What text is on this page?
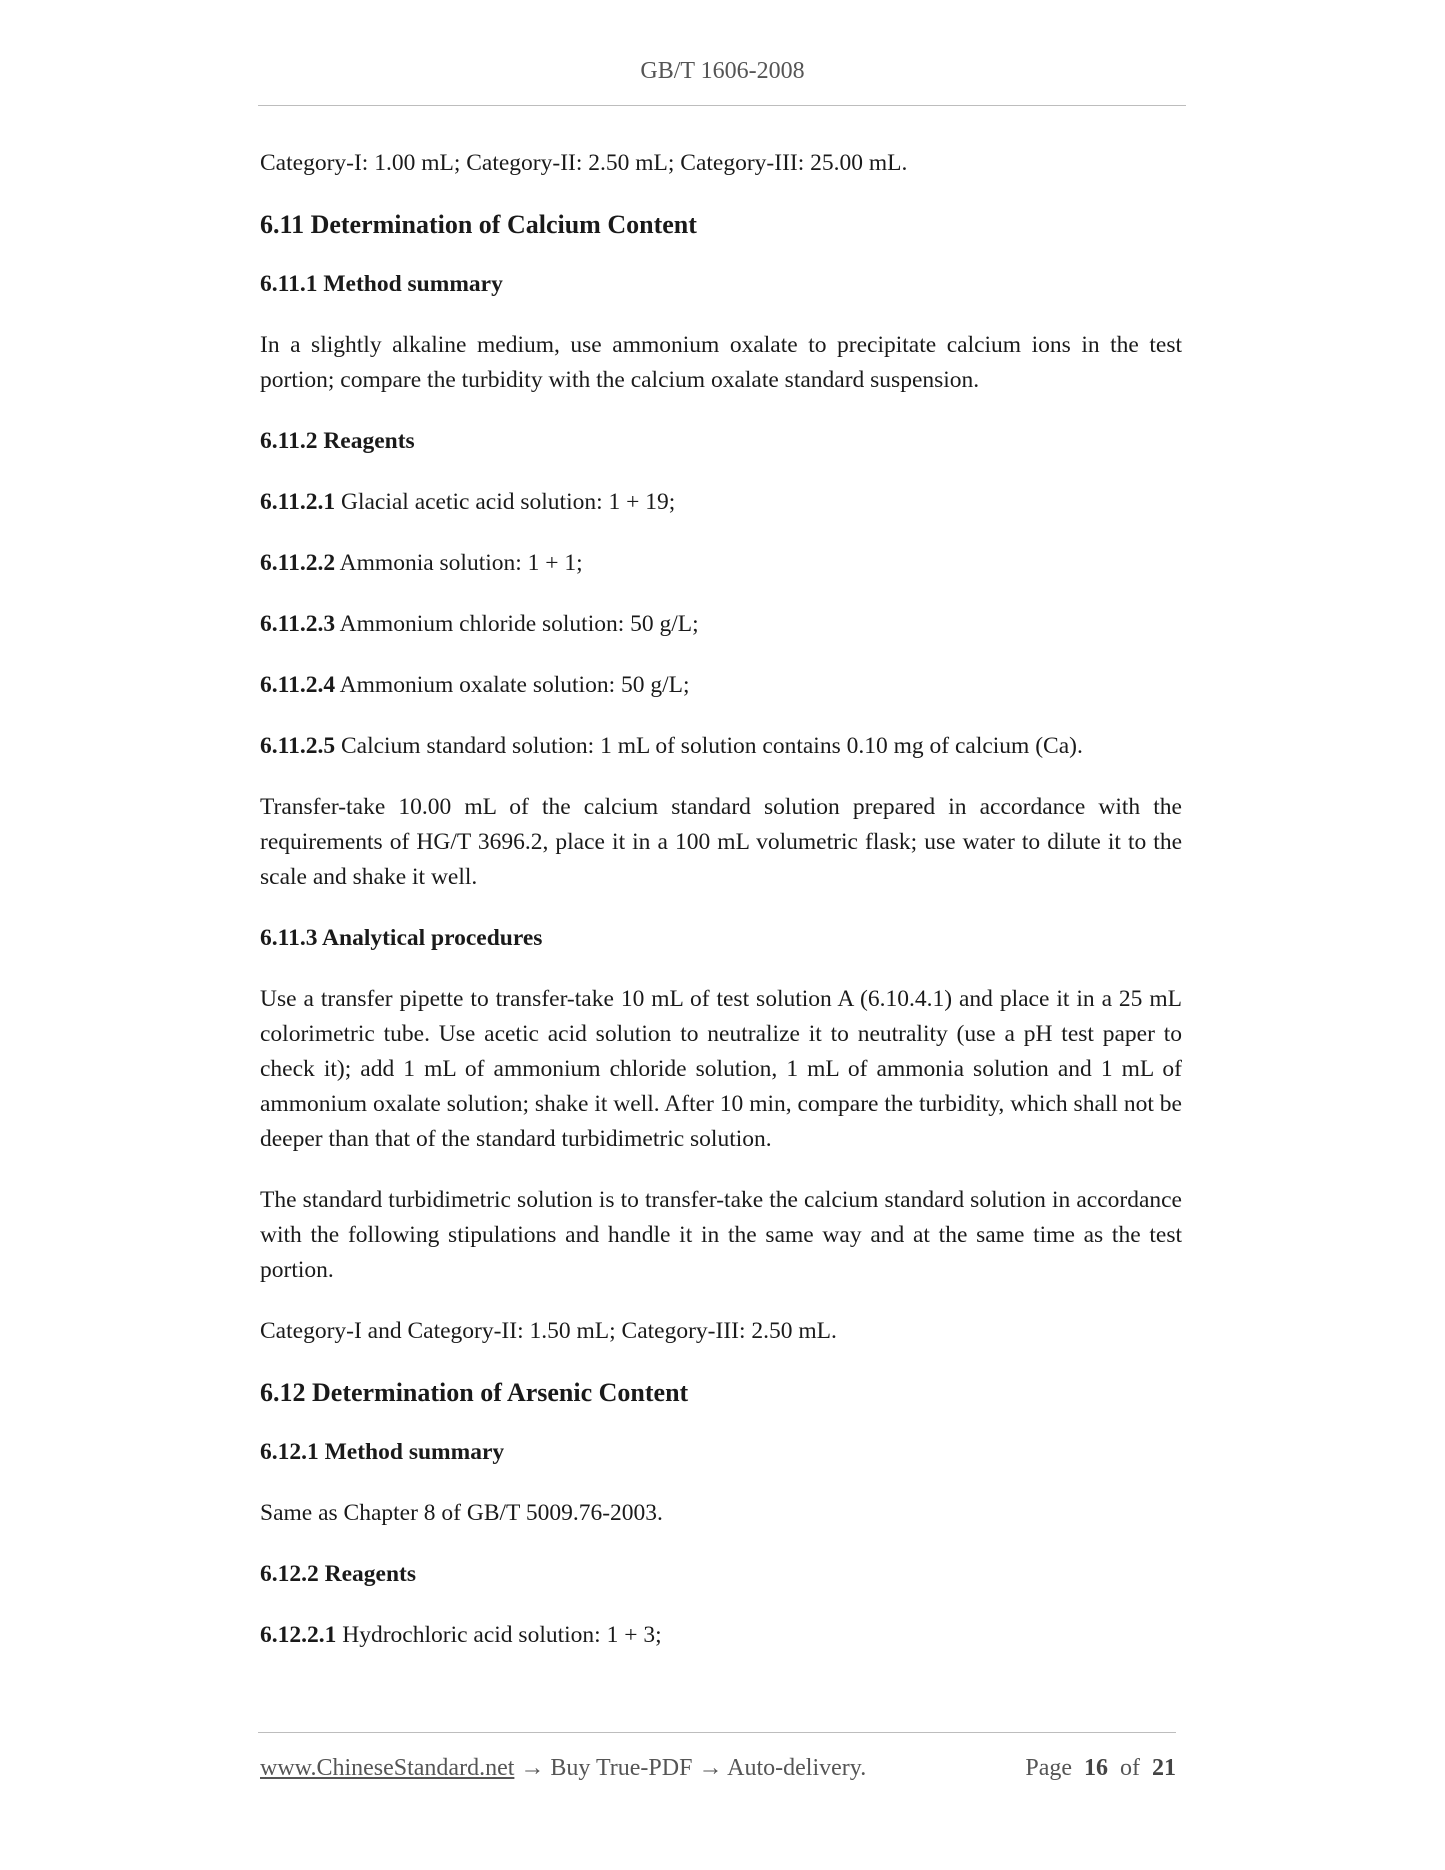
GB/T 1606-2008

Category-I: 1.00 mL; Category-II: 2.50 mL; Category-III: 25.00 mL.

6.11 Determination of Calcium Content
6.11.1 Method summary

In a slightly alkaline medium, use ammonium oxalate to precipitate calcium ions in the test portion; compare the turbidity with the calcium oxalate standard suspension.

6.11.2 Reagents

6.11.2.1 Glacial acetic acid solution: 1 + 19;

6.11.2.2 Ammonia solution: 1 + 1;

6.11.2.3 Ammonium chloride solution: 50 g/L;

6.11.2.4 Ammonium oxalate solution: 50 g/L;

6.11.2.5 Calcium standard solution: 1 mL of solution contains 0.10 mg of calcium (Ca).

Transfer-take 10.00 mL of the calcium standard solution prepared in accordance with the requirements of HG/T 3696.2, place it in a 100 mL volumetric flask; use water to dilute it to the scale and shake it well.

6.11.3 Analytical procedures

Use a transfer pipette to transfer-take 10 mL of test solution A (6.10.4.1) and place it in a 25 mL colorimetric tube. Use acetic acid solution to neutralize it to neutrality (use a pH test paper to check it); add 1 mL of ammonium chloride solution, 1 mL of ammonia solution and 1 mL of ammonium oxalate solution; shake it well. After 10 min, compare the turbidity, which shall not be deeper than that of the standard turbidimetric solution.

The standard turbidimetric solution is to transfer-take the calcium standard solution in accordance with the following stipulations and handle it in the same way and at the same time as the test portion.

Category-I and Category-II: 1.50 mL; Category-III: 2.50 mL.

6.12 Determination of Arsenic Content
6.12.1 Method summary

Same as Chapter 8 of GB/T 5009.76-2003.

6.12.2 Reagents

6.12.2.1 Hydrochloric acid solution: 1 + 3;

www.ChineseStandard.net → Buy True-PDF → Auto-delivery.	Page 16 of 21
